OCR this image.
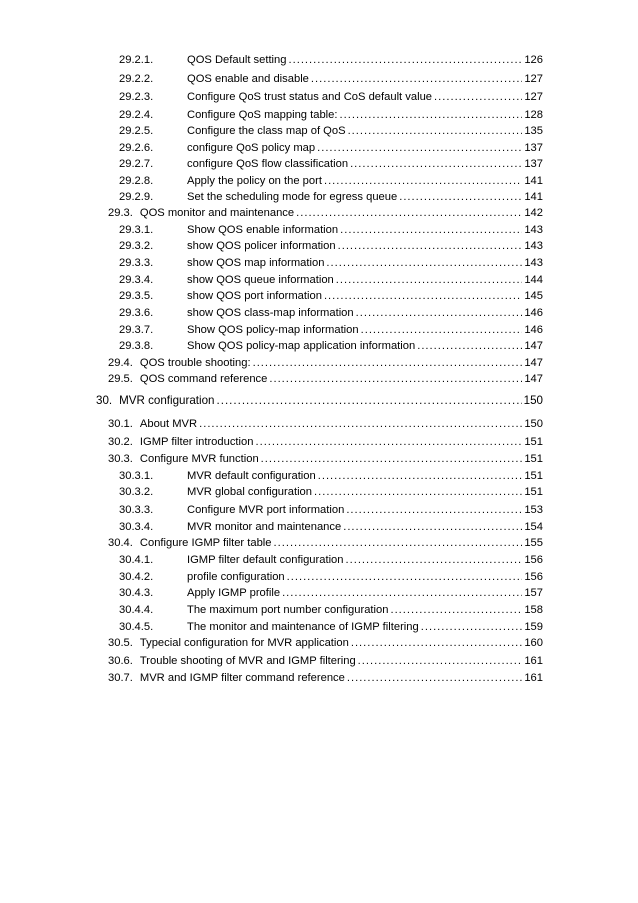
29.2.1.	QOS Default setting .....	126
29.2.2.	QOS enable and disable .....	127
29.2.3.	Configure QoS trust status and CoS default value .....	127
29.2.4.	Configure QoS mapping table: .....	128
29.2.5.	Configure the class map of QoS .....	135
29.2.6.	configure QoS policy map .....	137
29.2.7.	configure QoS flow classification .....	137
29.2.8.	Apply the policy on the port .....	141
29.2.9.	Set the scheduling mode for egress queue .....	141
29.3. QOS monitor and maintenance .....	142
29.3.1.	Show QOS enable information .....	143
29.3.2.	show QOS policer information .....	143
29.3.3.	show QOS map information .....	143
29.3.4.	show QOS queue information .....	144
29.3.5.	show QOS port information .....	145
29.3.6.	show QOS class-map information .....	146
29.3.7.	Show QOS policy-map information .....	146
29.3.8.	Show QOS policy-map application information .....	147
29.4. QOS trouble shooting: .....	147
29.5. QOS command reference .....	147
30. MVR configuration .....	150
30.1. About MVR .....	150
30.2. IGMP filter introduction .....	151
30.3. Configure MVR function .....	151
30.3.1.	MVR default configuration .....	151
30.3.2.	MVR global configuration .....	151
30.3.3.	Configure MVR port information .....	153
30.3.4.	MVR monitor and maintenance .....	154
30.4. Configure IGMP filter table .....	155
30.4.1.	IGMP filter default configuration .....	156
30.4.2.	profile configuration .....	156
30.4.3.	Apply IGMP profile .....	157
30.4.4.	The maximum port number configuration .....	158
30.4.5.	The monitor and maintenance of IGMP filtering .....	159
30.5. Typecial configuration for MVR application .....	160
30.6. Trouble shooting of MVR and IGMP filtering .....	161
30.7. MVR and IGMP filter command reference .....	161
